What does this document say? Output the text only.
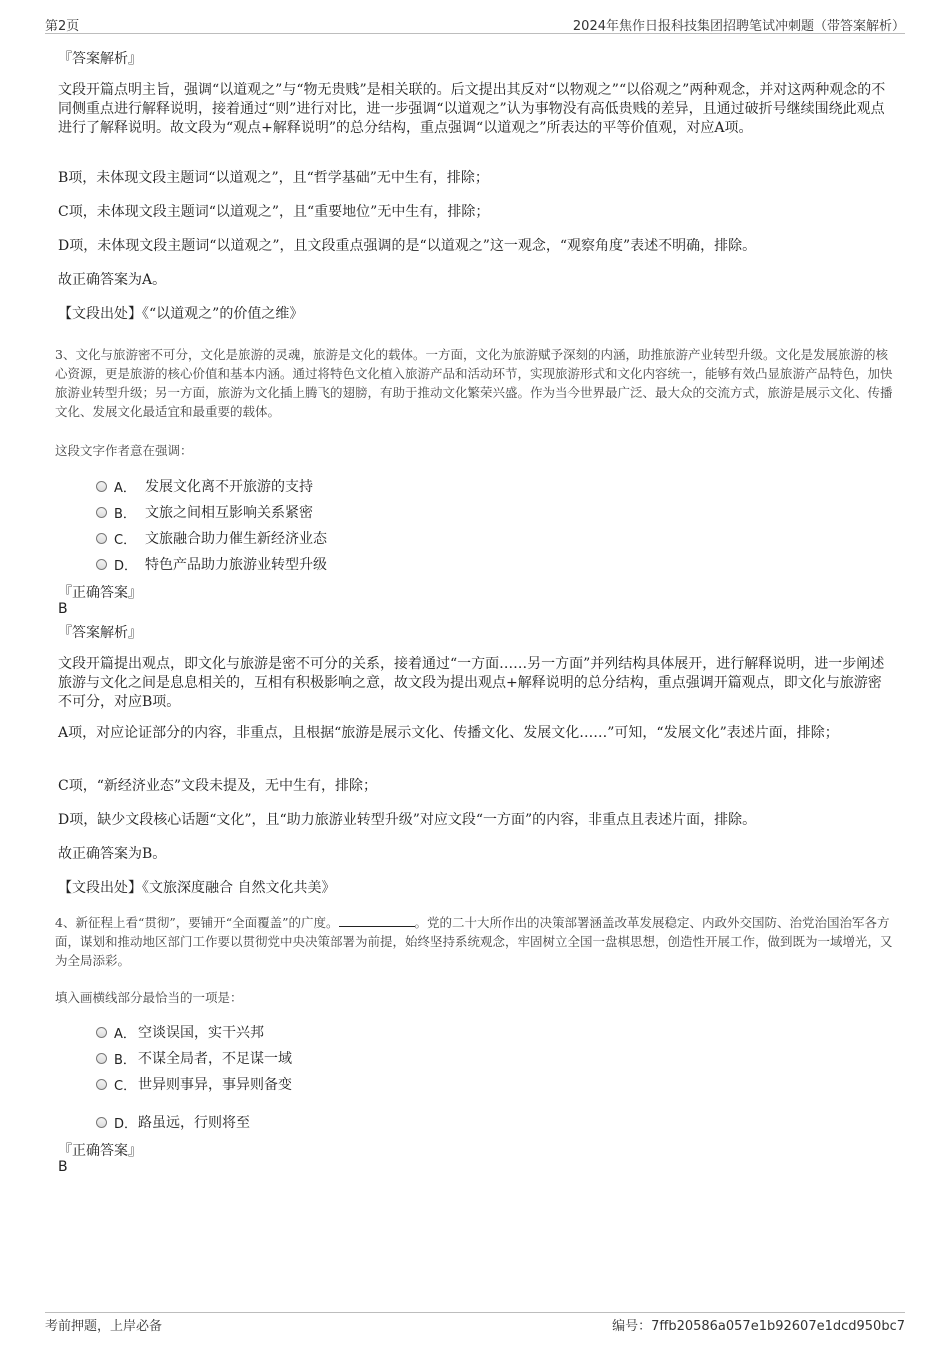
第2页	2024年焦作日报科技集团招聘笔试冲刺题（带答案解析）
『答案解析』
文段开篇点明主旨，强调“以道观之”与“物无贵贱”是相关联的。后文提出其反对“以物观之”“以俗观之”两种观念，并对这两种观念的不同侧重点进行解释说明，接着通过“则”进行对比，进一步强调“以道观之”认为事物没有高低贵贱的差异，且通过破折号继续围绕此观点进行了解释说明。故文段为“观点+解释说明”的总分结构，重点强调“以道观之”所表达的平等价值观，对应A项。
B项，未体现文段主题词“以道观之”，且“哲学基础”无中生有，排除；
C项，未体现文段主题词“以道观之”，且“重要地位”无中生有，排除；
D项，未体现文段主题词“以道观之”，且文段重点强调的是“以道观之”这一观念，“观察角度”表述不明确，排除。
故正确答案为A。
【文段出处】《“以道观之”的价值之维》
3、文化与旅游密不可分，文化是旅游的灵魂，旅游是文化的载体。一方面，文化为旅游赋予深刻的内涵，助推旅游产业转型升级。文化是发展旅游的核心资源，更是旅游的核心价值和基本内涵。通过将特色文化植入旅游产品和活动环节，实现旅游形式和文化内容统一，能够有效凸显旅游产品特色，加快旅游业转型升级；另一方面，旅游为文化插上腾飞的翅膀，有助于推动文化繁荣兴盛。作为当今世界最广泛、最大众的交流方式，旅游是展示文化、传播文化、发展文化最适宜和最重要的载体。
这段文字作者意在强调：
A． 发展文化离不开旅游的支持
B． 文旅之间相互影响关系紧密
C． 文旅融合助力催生新经济业态
D． 特色产品助力旅游业转型升级
『正确答案』
B
『答案解析』
文段开篇提出观点，即文化与旅游是密不可分的关系，接着通过“一方面……另一方面”并列结构具体展开，进行解释说明，进一步阐述旅游与文化之间是息息相关的，互相有积极影响之意，故文段为提出观点+解释说明的总分结构，重点强调开篇观点，即文化与旅游密不可分，对应B项。
A项，对应论证部分的内容，非重点，且根据“旅游是展示文化、传播文化、发展文化……”可知，“发展文化”表述片面，排除；
C项，“新经济业态”文段未提及，无中生有，排除；
D项，缺少文段核心话题“文化”，且“助力旅游业转型升级”对应文段“一方面”的内容，非重点且表述片面，排除。
故正确答案为B。
【文段出处】《文旅深度融合 自然文化共美》
4、新征程上看“贯彻”，要铺开“全面覆盖”的广度。	。党的二十大所作出的决策部署涵盖改革发展稳定、内政外交国防、治党治国治军各方面，谋划和推动地区部门工作要以贯彻党中央决策部署为前提，始终坚持系统观念，牢固树立全国一盘棋思想，创造性开展工作，做到既为一域增光，又为全局添彩。
填入画横线部分最恰当的一项是：
A． 空谈误国，实干兴邦
B． 不谋全局者，不足谋一域
C． 世异则事异，事异则备变
D． 路虽远，行则将至
『正确答案』
B
考前押题，上岸必备	编号：7ffb20586a057e1b92607e1dcd950bc7
